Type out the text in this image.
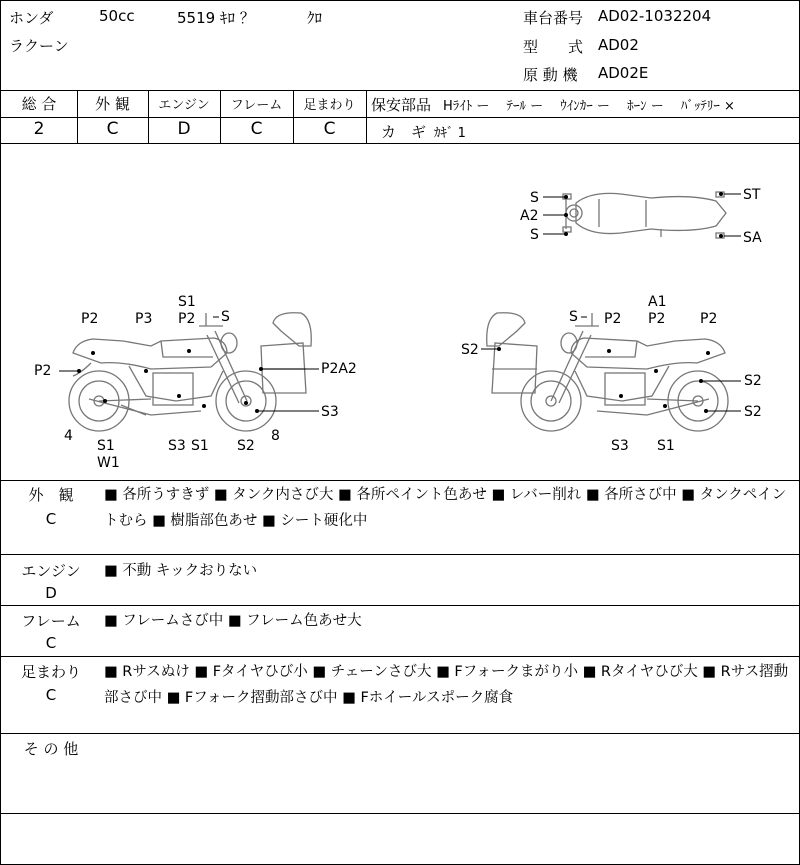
ホンダ	50cc	5519 ｷﾛ ？	ｸﾛ
ラクーン
車台番号 AD02-1032204
型　　式 AD02
原 動 機 AD02E
総 合	外 観	エンジン	フレーム	足まわり
2	C	D	C	C
保安部品 Hﾗｲﾄ ー　 ﾃｰﾙ ー　 ｳｲﾝｶｰ ー　 ﾎｰﾝ ー　 ﾊﾞｯﾃﾘｰ ×
カ　ギ ｶｷﾞ 1
S
A2
S
ST
SA
S1
P2 S
P2	P3
P2	P2A2
S3
4
S1
W1
S3 S1 S2
8
A1
S P2 P2 P2
S2
S2
S2
S3 S1
外　観
C
■ 各所うすきず ■ タンク内さび大 ■ 各所ペイント色あせ ■ レバー削れ ■ 各所さび中 ■ タンクペイントむら ■ 樹脂部色あせ ■ シート硬化中
エンジン
D
■ 不動 キックおりない
フレーム
C
■ フレームさび中 ■ フレーム色あせ大
足まわり
C
■ Rサスぬけ ■ Fタイヤひび小 ■ チェーンさび大 ■ Fフォークまがり小 ■ Rタイヤひび大 ■ Rサス摺動部さび中 ■ Fフォーク摺動部さび中 ■ Fホイールスポーク腐食
そ の 他
